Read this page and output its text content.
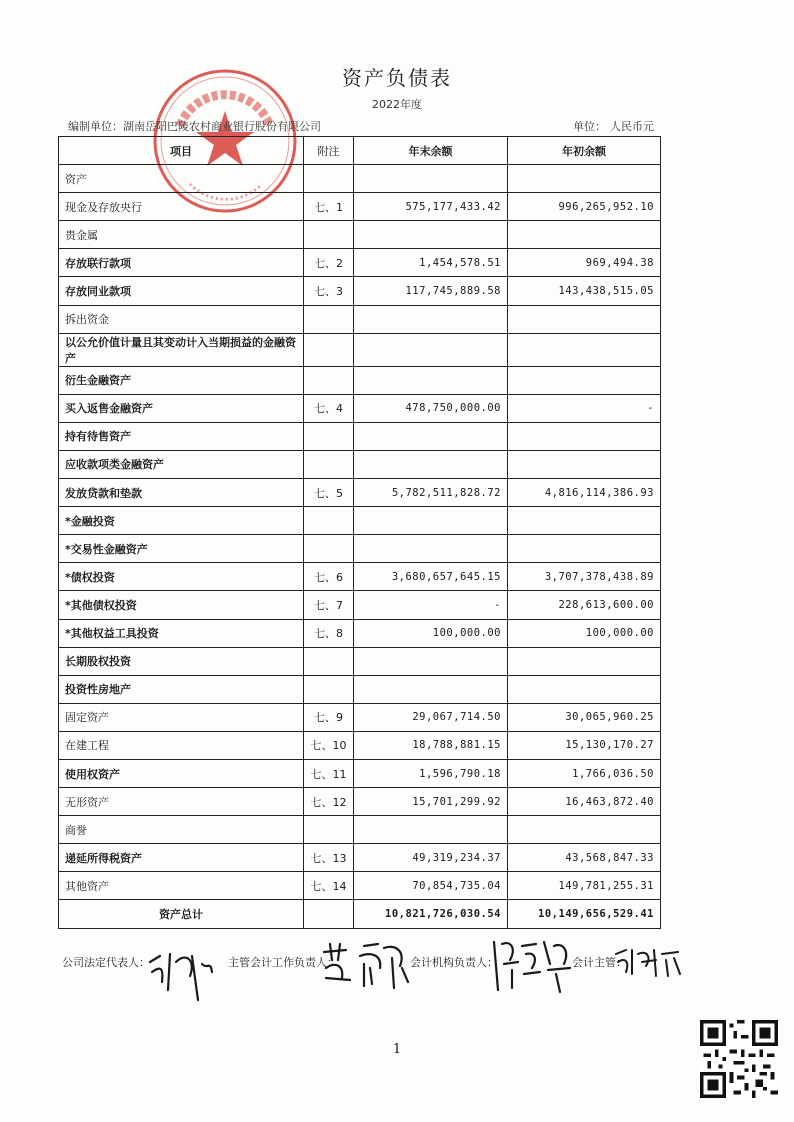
资产负债表
2022年度
编制单位：湖南岳阳巴陵农村商业银行股份有限公司	单位： 人民币元
项目	附注	年末余额	年初余额
资产			
现金及存放央行	七、1	575,177,433.42	996,265,952.10
贵金属			
存放联行款项	七、2	1,454,578.51	969,494.38
存放同业款项	七、3	117,745,889.58	143,438,515.05
拆出资金			
以公允价值计量且其变动计入当期损益的金融资产			
衍生金融资产			
买入返售金融资产	七、4	478,750,000.00	-
持有待售资产			
应收款项类金融资产			
发放贷款和垫款	七、5	5,782,511,828.72	4,816,114,386.93
*金融投资			
*交易性金融资产			
*债权投资	七、6	3,680,657,645.15	3,707,378,438.89
*其他债权投资	七、7	-	228,613,600.00
*其他权益工具投资	七、8	100,000.00	100,000.00
长期股权投资			
投资性房地产			
固定资产	七、9	29,067,714.50	30,065,960.25
在建工程	七、10	18,788,881.15	15,130,170.27
使用权资产	七、11	1,596,790.18	1,766,036.50
无形资产	七、12	15,701,299.92	16,463,872.40
商誉			
递延所得税资产	七、13	49,319,234.37	43,568,847.33
其他资产	七、14	70,854,735.04	149,781,255.31
资产总计		10,821,726,030.54	10,149,656,529.41
公司法定代表人：	主管会计工作负责人：	会计机构负责人：	会计主管：
1
